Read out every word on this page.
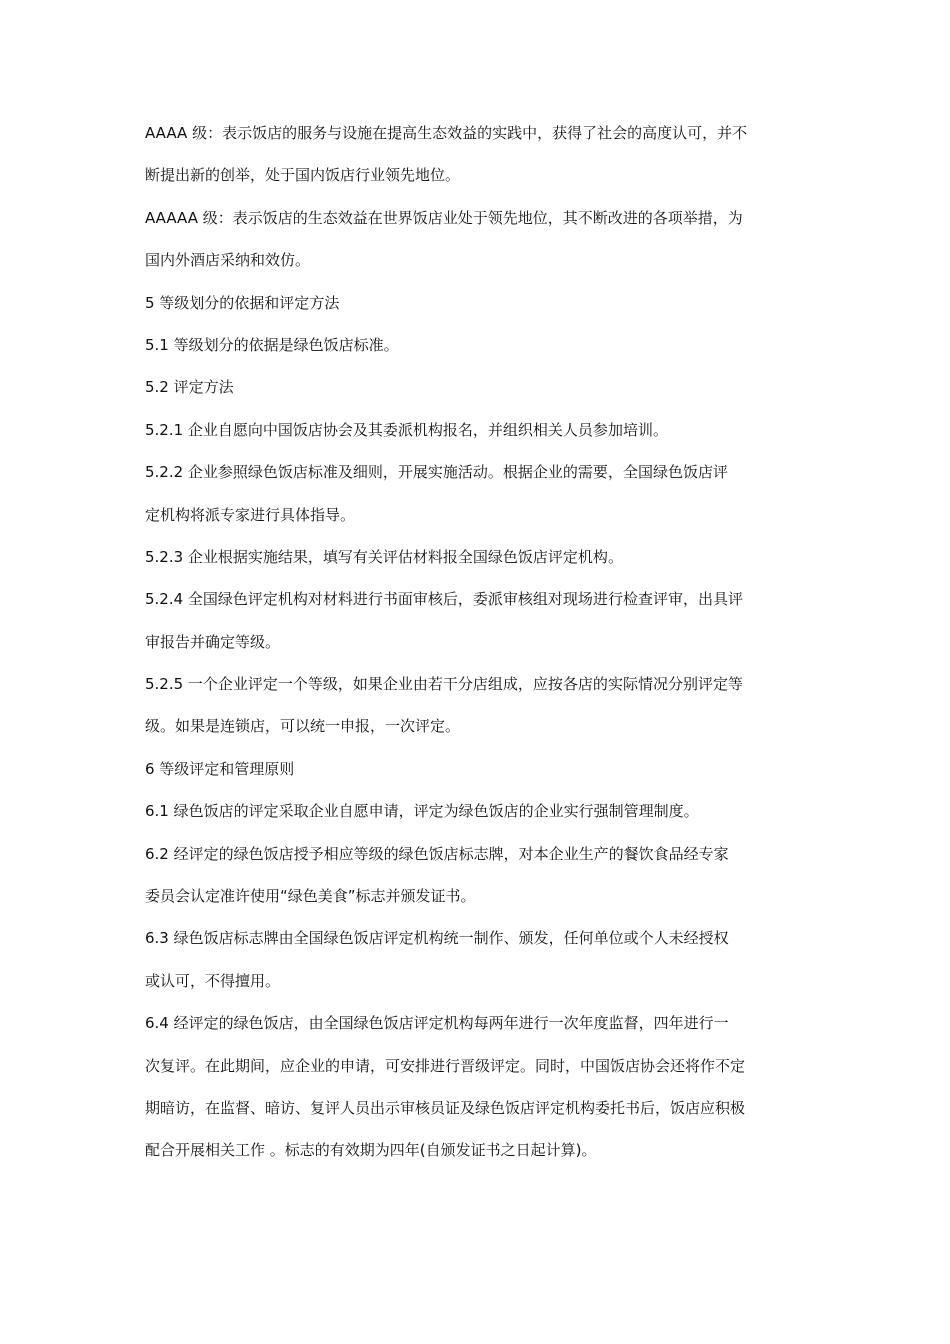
AAAA 级：表示饭店的服务与设施在提高生态效益的实践中，获得了社会的高度认可，并不
断提出新的创举，处于国内饭店行业领先地位。
AAAAA 级：表示饭店的生态效益在世界饭店业处于领先地位，其不断改进的各项举措，为
国内外酒店采纳和效仿。
5 等级划分的依据和评定方法
5.1 等级划分的依据是绿色饭店标准。
5.2 评定方法
5.2.1 企业自愿向中国饭店协会及其委派机构报名，并组织相关人员参加培训。
5.2.2 企业参照绿色饭店标准及细则，开展实施活动。根据企业的需要，全国绿色饭店评
定机构将派专家进行具体指导。
5.2.3 企业根据实施结果，填写有关评估材料报全国绿色饭店评定机构。
5.2.4 全国绿色评定机构对材料进行书面审核后，委派审核组对现场进行检查评审，出具评
审报告并确定等级。
5.2.5 一个企业评定一个等级，如果企业由若干分店组成，应按各店的实际情况分别评定等
级。如果是连锁店，可以统一申报，一次评定。
6 等级评定和管理原则
6.1 绿色饭店的评定采取企业自愿申请，评定为绿色饭店的企业实行强制管理制度。
6.2 经评定的绿色饭店授予相应等级的绿色饭店标志牌，对本企业生产的餐饮食品经专家
委员会认定准许使用“绿色美食”标志并颁发证书。
6.3 绿色饭店标志牌由全国绿色饭店评定机构统一制作、颁发，任何单位或个人未经授权
或认可，不得擅用。
6.4 经评定的绿色饭店，由全国绿色饭店评定机构每两年进行一次年度监督，四年进行一
次复评。在此期间，应企业的申请，可安排进行晋级评定。同时，中国饭店协会还将作不定
期暗访，在监督、暗访、复评人员出示审核员证及绿色饭店评定机构委托书后，饭店应积极
配合开展相关工作 。标志的有效期为四年(自颁发证书之日起计算)。
